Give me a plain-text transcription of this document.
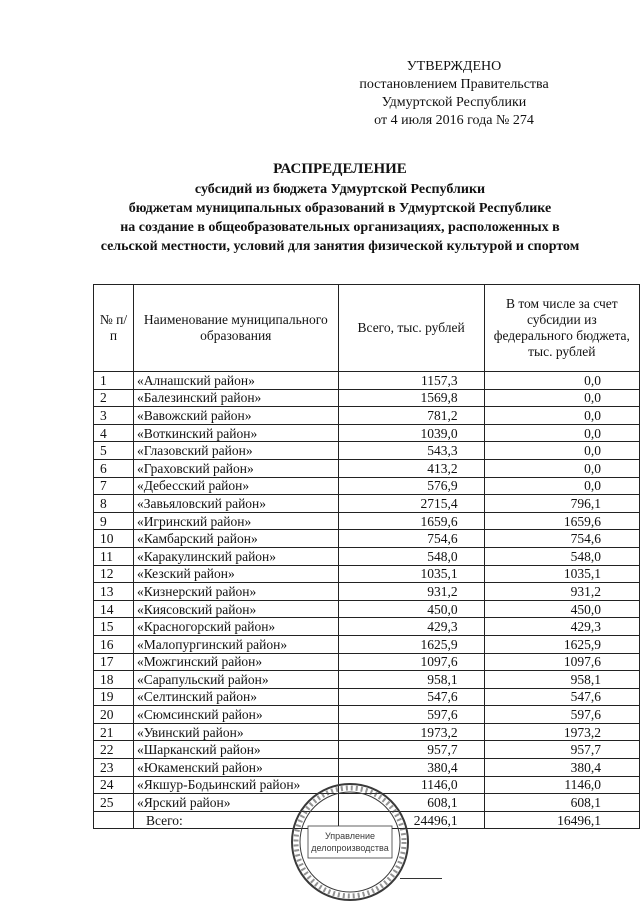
УТВЕРЖДЕНО
постановлением Правительства
Удмуртской Республики
от 4 июля 2016 года № 274
РАСПРЕДЕЛЕНИЕ
субсидий из бюджета Удмуртской Республики
бюджетам муниципальных образований в Удмуртской Республике
на создание в общеобразовательных организациях, расположенных в
сельской местности, условий для занятия физической культурой и спортом
№ п/п	Наименование муниципального образования	Всего, тыс. рублей	В том числе за счет субсидии из федерального бюджета, тыс. рублей
1	«Алнашский район»	1157,3	0,0
2	«Балезинский район»	1569,8	0,0
3	«Вавожский район»	781,2	0,0
4	«Воткинский район»	1039,0	0,0
5	«Глазовский район»	543,3	0,0
6	«Граховский район»	413,2	0,0
7	«Дебесский район»	576,9	0,0
8	«Завьяловский район»	2715,4	796,1
9	«Игринский район»	1659,6	1659,6
10	«Камбарский район»	754,6	754,6
11	«Каракулинский район»	548,0	548,0
12	«Кезский район»	1035,1	1035,1
13	«Кизнерский район»	931,2	931,2
14	«Киясовский район»	450,0	450,0
15	«Красногорский район»	429,3	429,3
16	«Малопургинский район»	1625,9	1625,9
17	«Можгинский район»	1097,6	1097,6
18	«Сарапульский район»	958,1	958,1
19	«Селтинский район»	547,6	547,6
20	«Сюмсинский район»	597,6	597,6
21	«Увинский район»	1973,2	1973,2
22	«Шарканский район»	957,7	957,7
23	«Юкаменский район»	380,4	380,4
24	«Якшур-Бодьинский район»	1146,0	1146,0
25	«Ярский район»	608,1	608,1
	Всего:	24496,1	16496,1
Управление
делопроизводства
